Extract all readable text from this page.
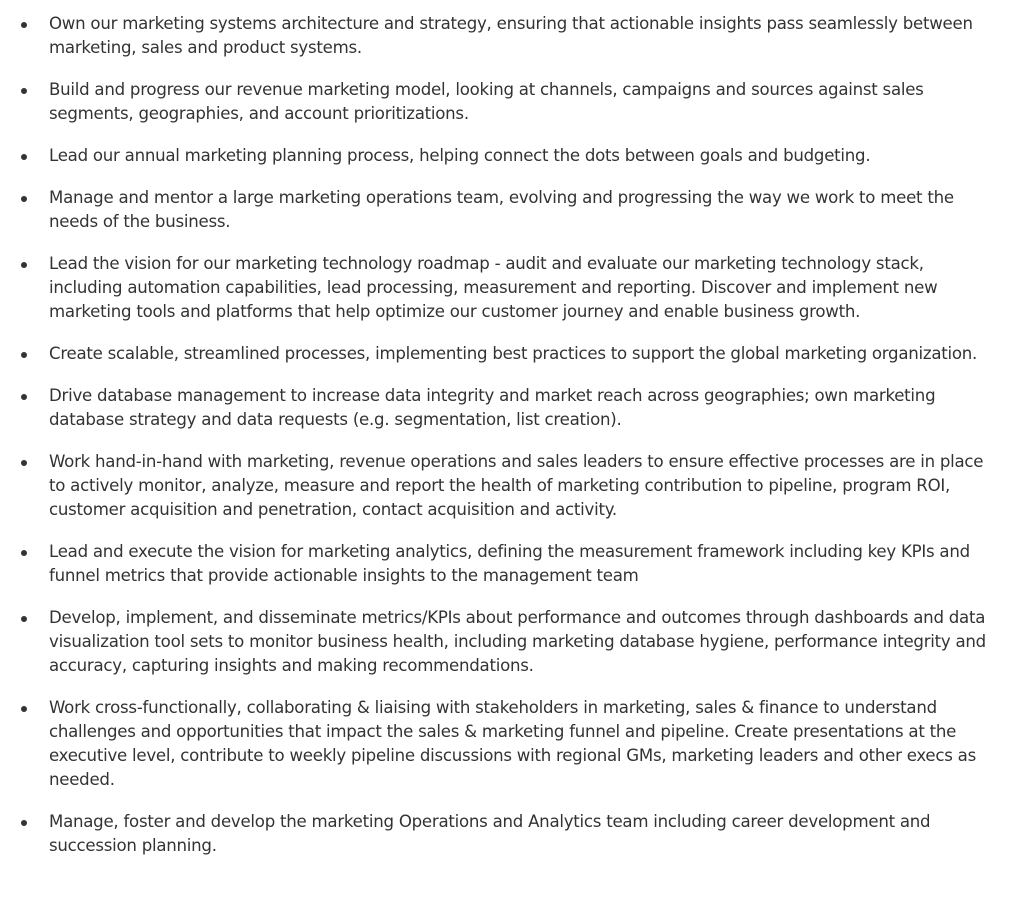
Own our marketing systems architecture and strategy, ensuring that actionable insights pass seamlessly between marketing, sales and product systems.
Build and progress our revenue marketing model, looking at channels, campaigns and sources against sales segments, geographies, and account prioritizations.
Lead our annual marketing planning process, helping connect the dots between goals and budgeting.
Manage and mentor a large marketing operations team, evolving and progressing the way we work to meet the needs of the business.
Lead the vision for our marketing technology roadmap - audit and evaluate our marketing technology stack, including automation capabilities, lead processing, measurement and reporting. Discover and implement new marketing tools and platforms that help optimize our customer journey and enable business growth.
Create scalable, streamlined processes, implementing best practices to support the global marketing organization.
Drive database management to increase data integrity and market reach across geographies; own marketing database strategy and data requests (e.g. segmentation, list creation).
Work hand-in-hand with marketing, revenue operations and sales leaders to ensure effective processes are in place to actively monitor, analyze, measure and report the health of marketing contribution to pipeline, program ROI, customer acquisition and penetration, contact acquisition and activity.
Lead and execute the vision for marketing analytics, defining the measurement framework including key KPIs and funnel metrics that provide actionable insights to the management team
Develop, implement, and disseminate metrics/KPIs about performance and outcomes through dashboards and data visualization tool sets to monitor business health, including marketing database hygiene, performance integrity and accuracy, capturing insights and making recommendations.
Work cross-functionally, collaborating & liaising with stakeholders in marketing, sales & finance to understand challenges and opportunities that impact the sales & marketing funnel and pipeline. Create presentations at the executive level, contribute to weekly pipeline discussions with regional GMs, marketing leaders and other execs as needed.
Manage, foster and develop the marketing Operations and Analytics team including career development and succession planning.
